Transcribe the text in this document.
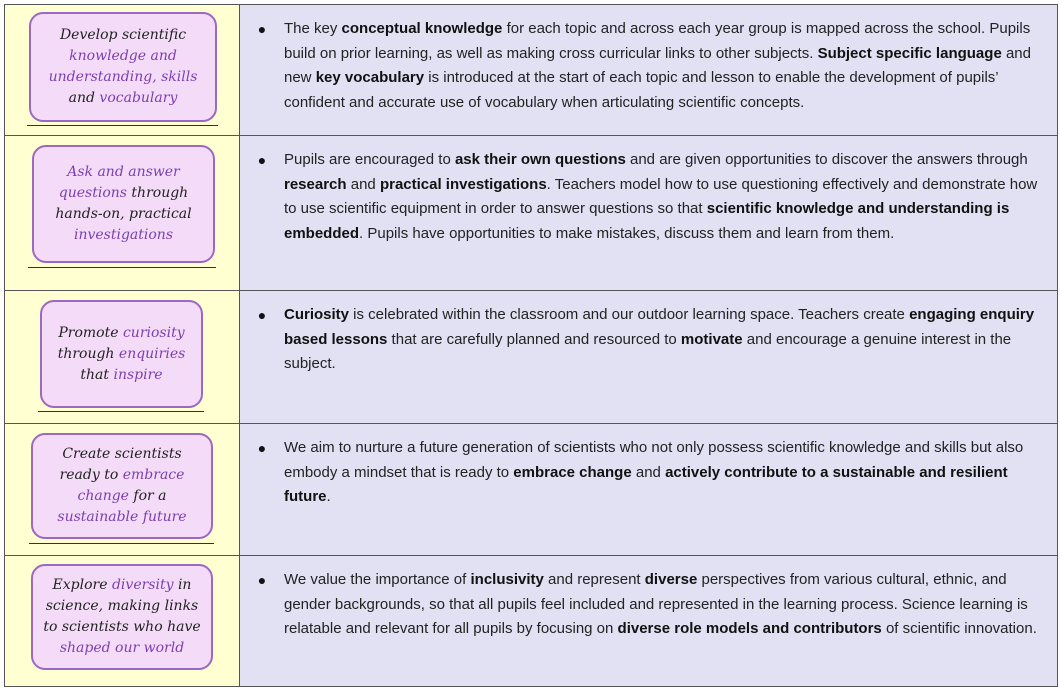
Develop scientific knowledge and understanding, skills and vocabulary
●	The key conceptual knowledge for each topic and across each year group is mapped across the school. Pupils build on prior learning, as well as making cross curricular links to other subjects. Subject specific language and new key vocabulary is introduced at the start of each topic and lesson to enable the development of pupils’ confident and accurate use of vocabulary when articulating scientific concepts.
Ask and answer questions through hands-on, practical investigations
●	Pupils are encouraged to ask their own questions and are given opportunities to discover the answers through research and practical investigations. Teachers model how to use questioning effectively and demonstrate how to use scientific equipment in order to answer questions so that scientific knowledge and understanding is embedded. Pupils have opportunities to make mistakes, discuss them and learn from them.
Promote curiosity through enquiries that inspire
●	Curiosity is celebrated within the classroom and our outdoor learning space. Teachers create engaging enquiry based lessons that are carefully planned and resourced to motivate and encourage a genuine interest in the subject.
Create scientists ready to embrace change for a sustainable future
●	We aim to nurture a future generation of scientists who not only possess scientific knowledge and skills but also embody a mindset that is ready to embrace change and actively contribute to a sustainable and resilient future.
Explore diversity in science, making links to scientists who have shaped our world
●	We value the importance of inclusivity and represent diverse perspectives from various cultural, ethnic, and gender backgrounds, so that all pupils feel included and represented in the learning process. Science learning is relatable and relevant for all pupils by focusing on diverse role models and contributors of scientific innovation.
